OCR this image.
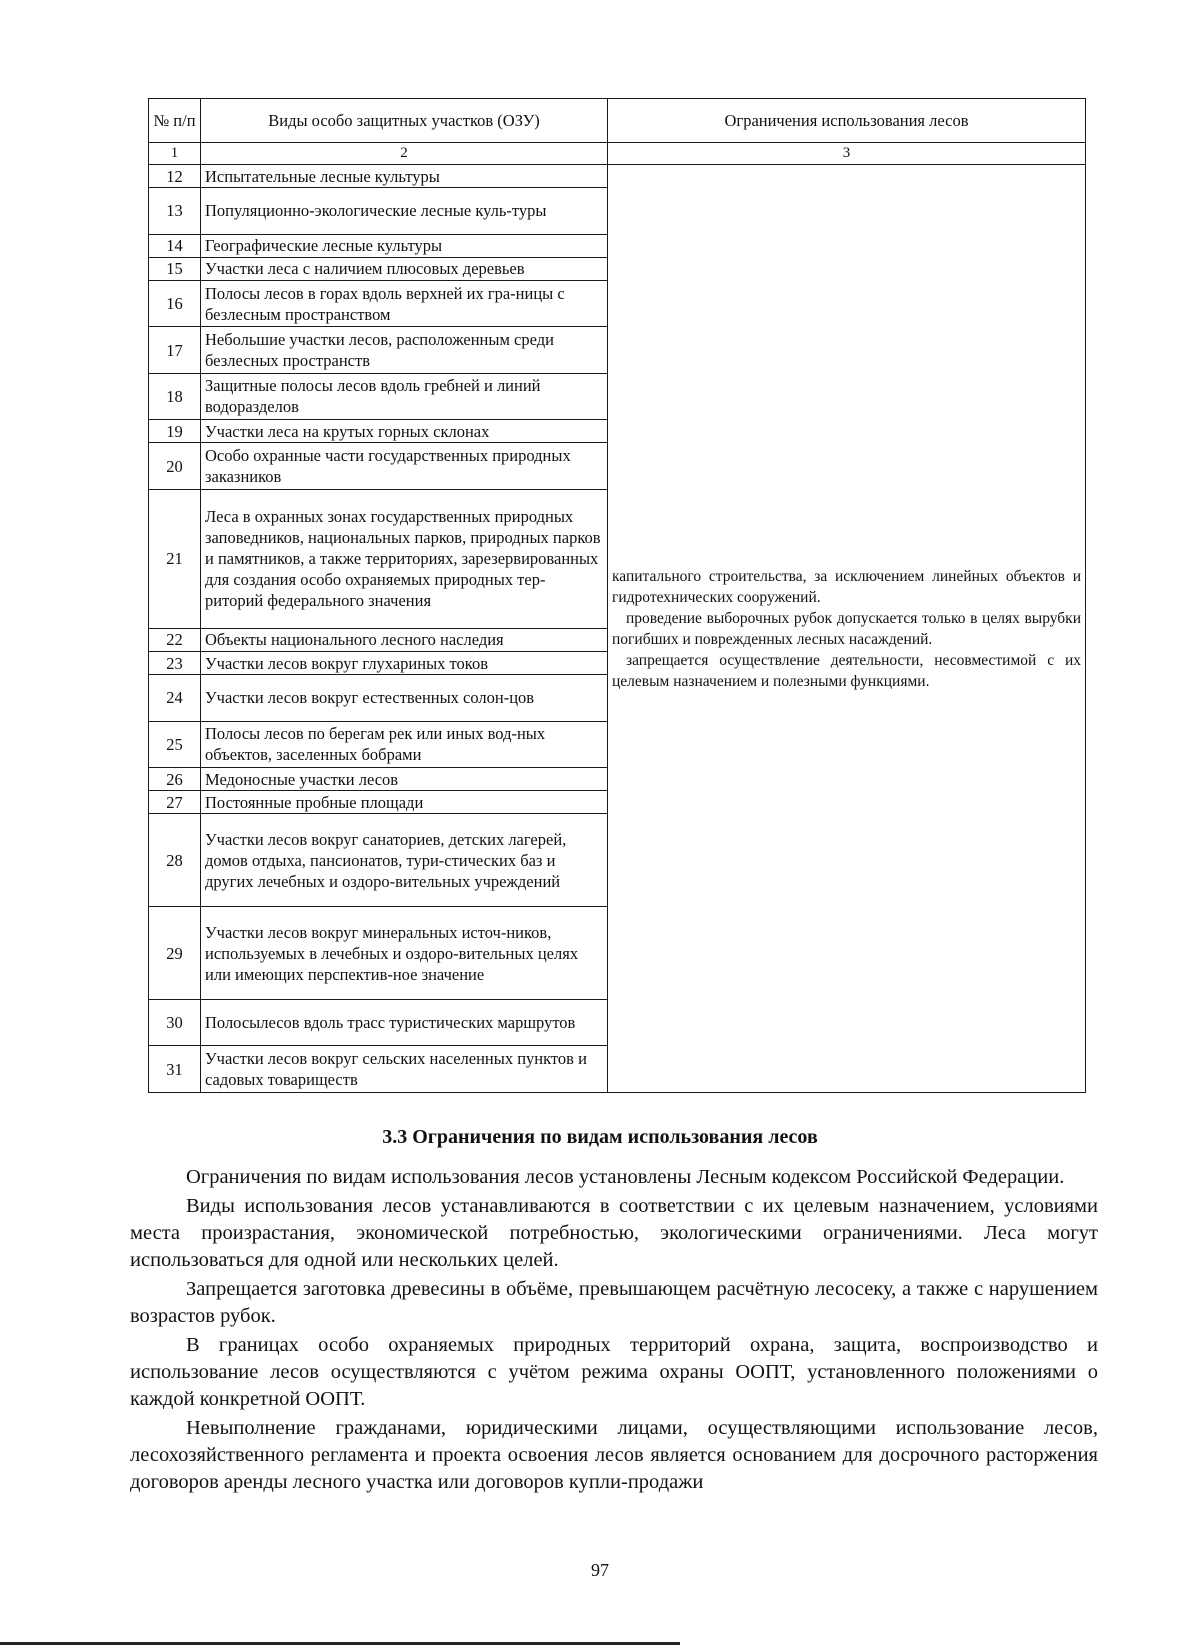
№ п/п	Виды особо защитных участков (ОЗУ)	Ограничения использования лесов
1	2	3
12	Испытательные лесные культуры	капитального строительства, за исключением линейных объектов и гидротехнических сооружений.

проведение выборочных рубок допускается только в целях вырубки погибших и поврежденных лесных насаждений.

запрещается осуществление деятельности, несовместимой с их целевым назначением и полезными функциями.

13	Популяционно-экологические лесные куль-туры	
14	Географические лесные культуры	
15	Участки леса с наличием плюсовых деревьев	
16	Полосы лесов в горах вдоль верхней их гра-ницы с безлесным пространством	
17	Небольшие участки лесов, расположенным среди безлесных пространств	
18	Защитные полосы лесов вдоль гребней и линий водоразделов	
19	Участки леса на крутых горных склонах	
20	Особо охранные части государственных природных заказников	
21	Леса в охранных зонах государственных природных заповедников, национальных парков, природных парков и памятников, а также территориях, зарезервированных для создания особо охраняемых природных тер-риторий федерального значения	
22	Объекты национального лесного наследия	
23	Участки лесов вокруг глухариных токов	
24	Участки лесов вокруг естественных солон-цов	
25	Полосы лесов по берегам рек или иных вод-ных объектов, заселенных бобрами	
26	Медоносные участки лесов	
27	Постоянные пробные площади	
28	Участки лесов вокруг санаториев, детских лагерей, домов отдыха, пансионатов, тури-стических баз и других лечебных и оздоро-вительных учреждений	
29	Участки лесов вокруг минеральных источ-ников, используемых в лечебных и оздоро-вительных целях или имеющих перспектив-ное значение	
30	Полосылесов вдоль трасс туристических маршрутов	
31	Участки лесов вокруг сельских населенных пунктов и садовых товариществ	
3.3 Ограничения по видам использования лесов

Ограничения по видам использования лесов установлены Лесным кодексом Российской Федерации.

Виды использования лесов устанавливаются в соответствии с их целевым назначением, условиями места произрастания, экономической потребностью, экологическими ограничениями. Леса могут использоваться для одной или нескольких целей.

Запрещается заготовка древесины в объёме, превышающем расчётную лесосеку, а также с нарушением возрастов рубок.

В границах особо охраняемых природных территорий охрана, защита, воспроизводство и использование лесов осуществляются с учётом режима охраны ООПТ, установленного положениями о каждой конкретной ООПТ.

Невыполнение гражданами, юридическими лицами, осуществляющими использование лесов, лесохозяйственного регламента и проекта освоения лесов является основанием для досрочного расторжения договоров аренды лесного участка или договоров купли-продажи

97
